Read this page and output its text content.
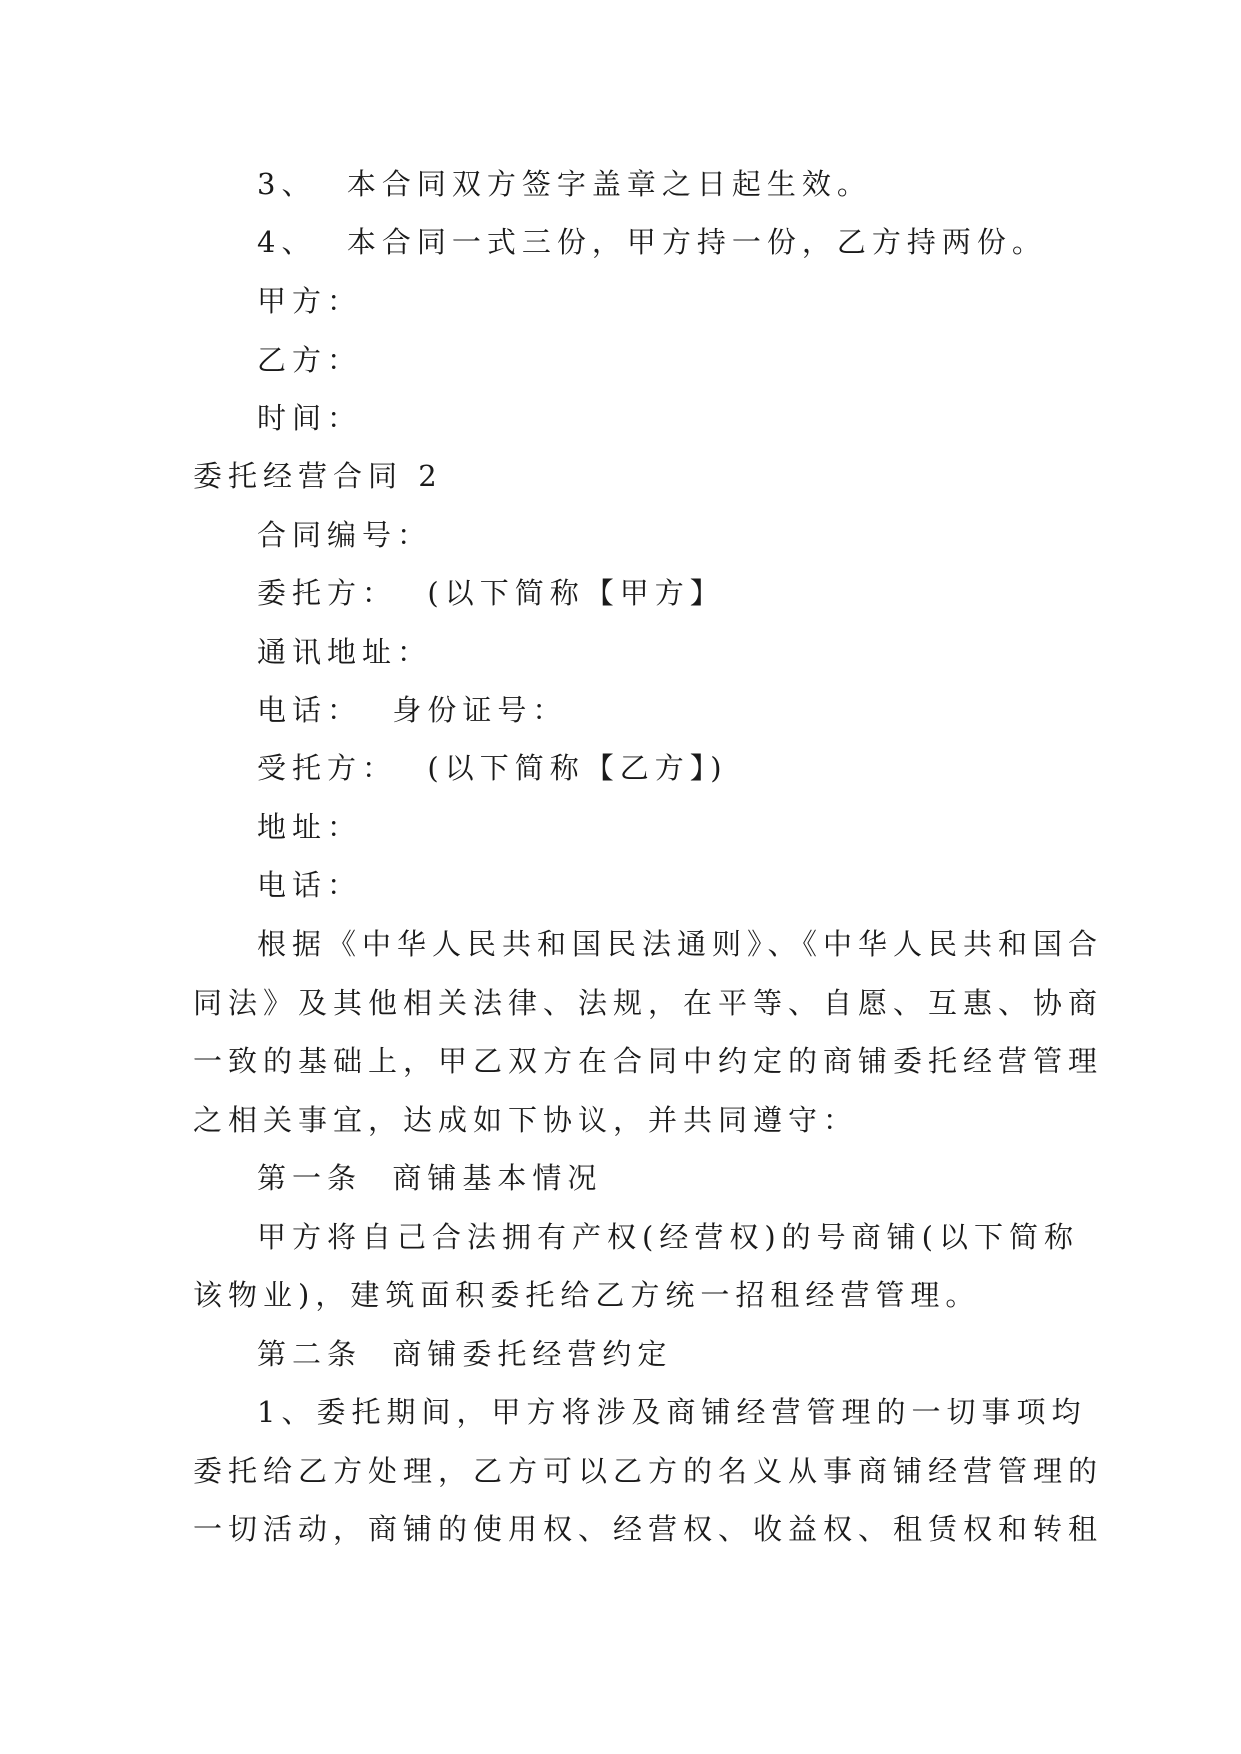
3、  本合同双方签字盖章之日起生效。
4、  本合同一式三份，甲方持一份，乙方持两份。
甲方：
乙方：
时间：
委托经营合同 2
合同编号：
委托方：  (以下简称【甲方】
通讯地址：
电话：  身份证号：
受托方：  (以下简称【乙方】)
地址：
电话：
根据《中华人民共和国民法通则》、《中华人民共和国合
同法》及其他相关法律、法规，在平等、自愿、互惠、协商
一致的基础上，甲乙双方在合同中约定的商铺委托经营管理
之相关事宜，达成如下协议，并共同遵守：
第一条  商铺基本情况
甲方将自己合法拥有产权(经营权)的号商铺(以下简称
该物业)，建筑面积委托给乙方统一招租经营管理。
第二条  商铺委托经营约定
1、委托期间，甲方将涉及商铺经营管理的一切事项均
委托给乙方处理，乙方可以乙方的名义从事商铺经营管理的
一切活动，商铺的使用权、经营权、收益权、租赁权和转租
